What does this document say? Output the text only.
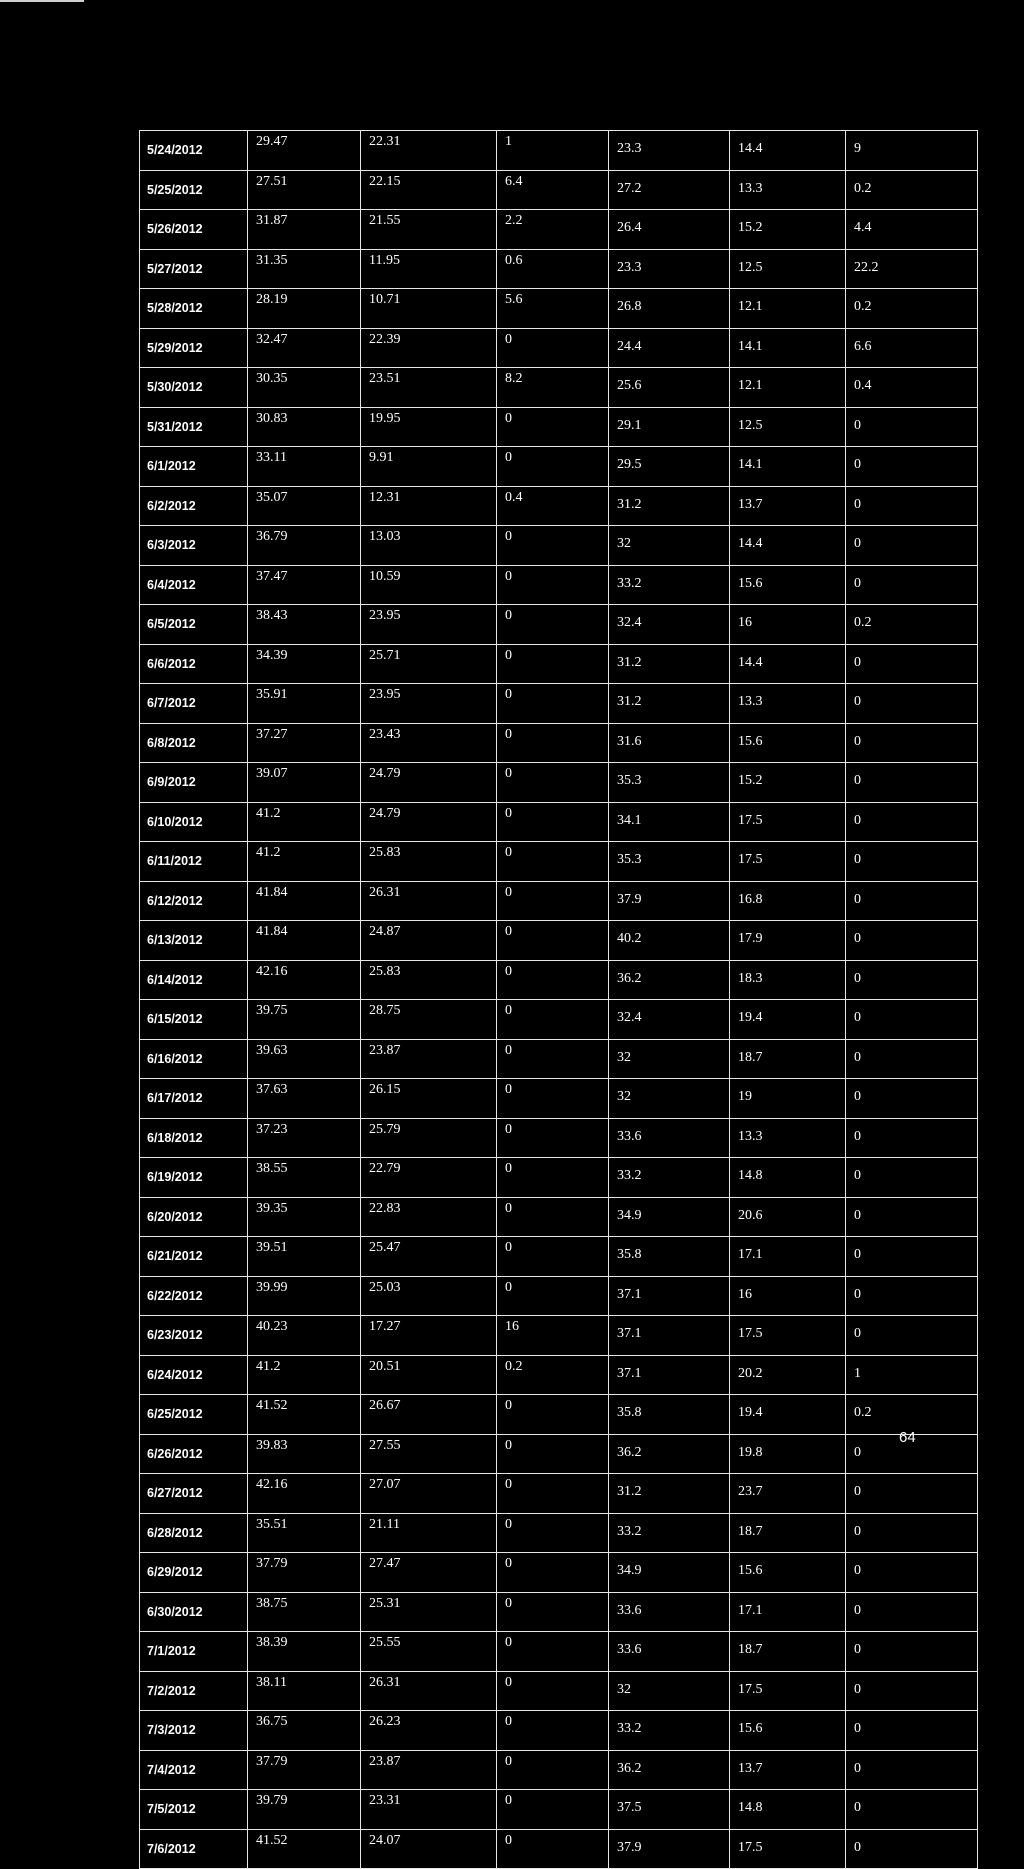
5/24/2012	29.47	22.31	1	23.3	14.4	9
5/25/2012	27.51	22.15	6.4	27.2	13.3	0.2
5/26/2012	31.87	21.55	2.2	26.4	15.2	4.4
5/27/2012	31.35	11.95	0.6	23.3	12.5	22.2
5/28/2012	28.19	10.71	5.6	26.8	12.1	0.2
5/29/2012	32.47	22.39	0	24.4	14.1	6.6
5/30/2012	30.35	23.51	8.2	25.6	12.1	0.4
5/31/2012	30.83	19.95	0	29.1	12.5	0
6/1/2012	33.11	9.91	0	29.5	14.1	0
6/2/2012	35.07	12.31	0.4	31.2	13.7	0
6/3/2012	36.79	13.03	0	32	14.4	0
6/4/2012	37.47	10.59	0	33.2	15.6	0
6/5/2012	38.43	23.95	0	32.4	16	0.2
6/6/2012	34.39	25.71	0	31.2	14.4	0
6/7/2012	35.91	23.95	0	31.2	13.3	0
6/8/2012	37.27	23.43	0	31.6	15.6	0
6/9/2012	39.07	24.79	0	35.3	15.2	0
6/10/2012	41.2	24.79	0	34.1	17.5	0
6/11/2012	41.2	25.83	0	35.3	17.5	0
6/12/2012	41.84	26.31	0	37.9	16.8	0
6/13/2012	41.84	24.87	0	40.2	17.9	0
6/14/2012	42.16	25.83	0	36.2	18.3	0
6/15/2012	39.75	28.75	0	32.4	19.4	0
6/16/2012	39.63	23.87	0	32	18.7	0
6/17/2012	37.63	26.15	0	32	19	0
6/18/2012	37.23	25.79	0	33.6	13.3	0
6/19/2012	38.55	22.79	0	33.2	14.8	0
6/20/2012	39.35	22.83	0	34.9	20.6	0
6/21/2012	39.51	25.47	0	35.8	17.1	0
6/22/2012	39.99	25.03	0	37.1	16	0
6/23/2012	40.23	17.27	16	37.1	17.5	0
6/24/2012	41.2	20.51	0.2	37.1	20.2	1
6/25/2012	41.52	26.67	0	35.8	19.4	0.2
6/26/2012	39.83	27.55	0	36.2	19.8	0
6/27/2012	42.16	27.07	0	31.2	23.7	0
6/28/2012	35.51	21.11	0	33.2	18.7	0
6/29/2012	37.79	27.47	0	34.9	15.6	0
6/30/2012	38.75	25.31	0	33.6	17.1	0
7/1/2012	38.39	25.55	0	33.6	18.7	0
7/2/2012	38.11	26.31	0	32	17.5	0
7/3/2012	36.75	26.23	0	33.2	15.6	0
7/4/2012	37.79	23.87	0	36.2	13.7	0
7/5/2012	39.79	23.31	0	37.5	14.8	0
7/6/2012	41.52	24.07	0	37.9	17.5	0
64
